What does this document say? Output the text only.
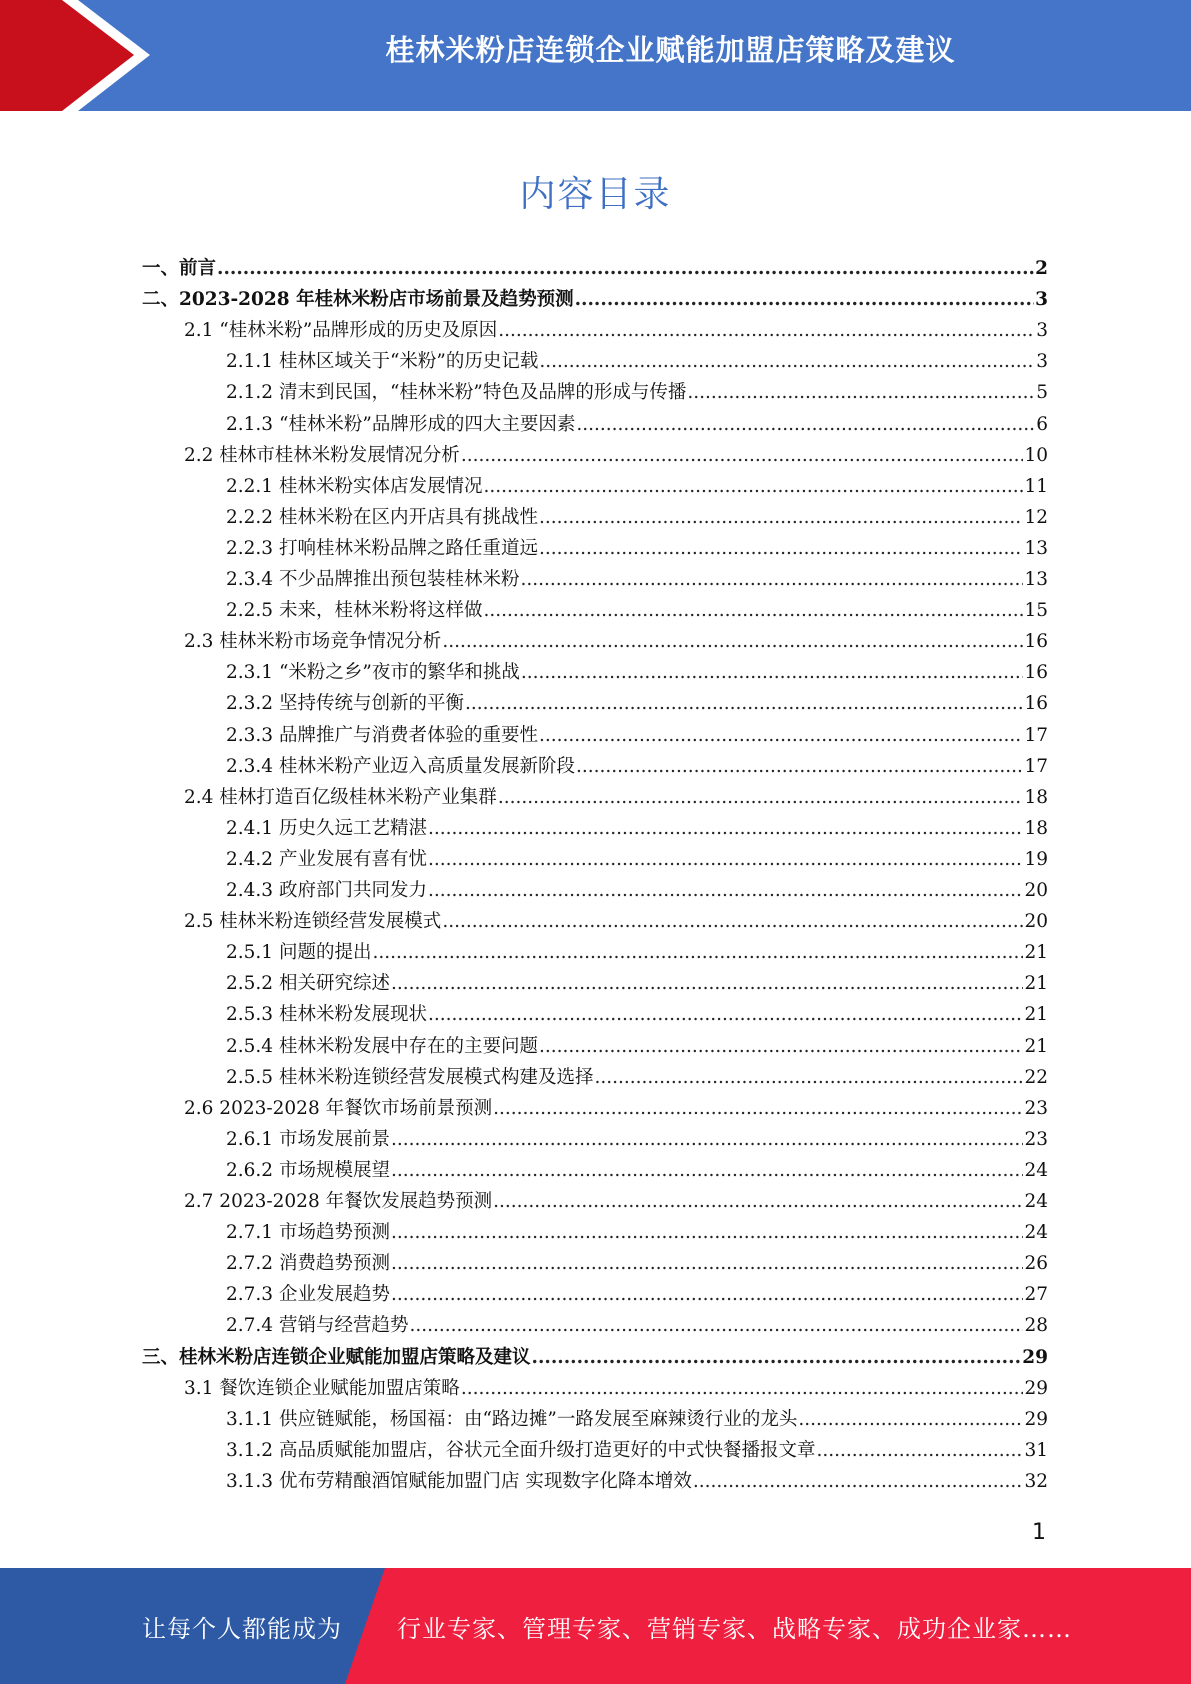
桂林米粉店连锁企业赋能加盟店策略及建议
内容目录
一、前言 .....	2
二、2023-2028 年桂林米粉店市场前景及趋势预测 .....	3
2.1 “桂林米粉”品牌形成的历史及原因 .....	3
2.1.1 桂林区域关于“米粉”的历史记载 .....	3
2.1.2 清末到民国，“桂林米粉”特色及品牌的形成与传播 .....	5
2.1.3 “桂林米粉”品牌形成的四大主要因素 .....	6
2.2 桂林市桂林米粉发展情况分析 .....	10
2.2.1 桂林米粉实体店发展情况 .....	11
2.2.2 桂林米粉在区内开店具有挑战性 .....	12
2.2.3 打响桂林米粉品牌之路任重道远 .....	13
2.3.4 不少品牌推出预包装桂林米粉 .....	13
2.2.5 未来，桂林米粉将这样做 .....	15
2.3 桂林米粉市场竞争情况分析 .....	16
2.3.1 “米粉之乡”夜市的繁华和挑战 .....	16
2.3.2 坚持传统与创新的平衡 .....	16
2.3.3 品牌推广与消费者体验的重要性 .....	17
2.3.4 桂林米粉产业迈入高质量发展新阶段 .....	17
2.4 桂林打造百亿级桂林米粉产业集群 .....	18
2.4.1 历史久远工艺精湛 .....	18
2.4.2 产业发展有喜有忧 .....	19
2.4.3 政府部门共同发力 .....	20
2.5 桂林米粉连锁经营发展模式 .....	20
2.5.1 问题的提出 .....	21
2.5.2 相关研究综述 .....	21
2.5.3 桂林米粉发展现状 .....	21
2.5.4 桂林米粉发展中存在的主要问题 .....	21
2.5.5 桂林米粉连锁经营发展模式构建及选择 .....	22
2.6 2023-2028 年餐饮市场前景预测 .....	23
2.6.1 市场发展前景 .....	23
2.6.2 市场规模展望 .....	24
2.7 2023-2028 年餐饮发展趋势预测 .....	24
2.7.1 市场趋势预测 .....	24
2.7.2 消费趋势预测 .....	26
2.7.3 企业发展趋势 .....	27
2.7.4 营销与经营趋势 .....	28
三、桂林米粉店连锁企业赋能加盟店策略及建议 .....	29
3.1 餐饮连锁企业赋能加盟店策略 .....	29
3.1.1 供应链赋能，杨国福：由“路边摊”一路发展至麻辣烫行业的龙头 .....	29
3.1.2 高品质赋能加盟店，谷状元全面升级打造更好的中式快餐播报文章 .....	31
3.1.3 优布劳精酿酒馆赋能加盟门店 实现数字化降本增效 .....	32
1
让每个人都能成为 行业专家、管理专家、营销专家、战略专家、成功企业家……
